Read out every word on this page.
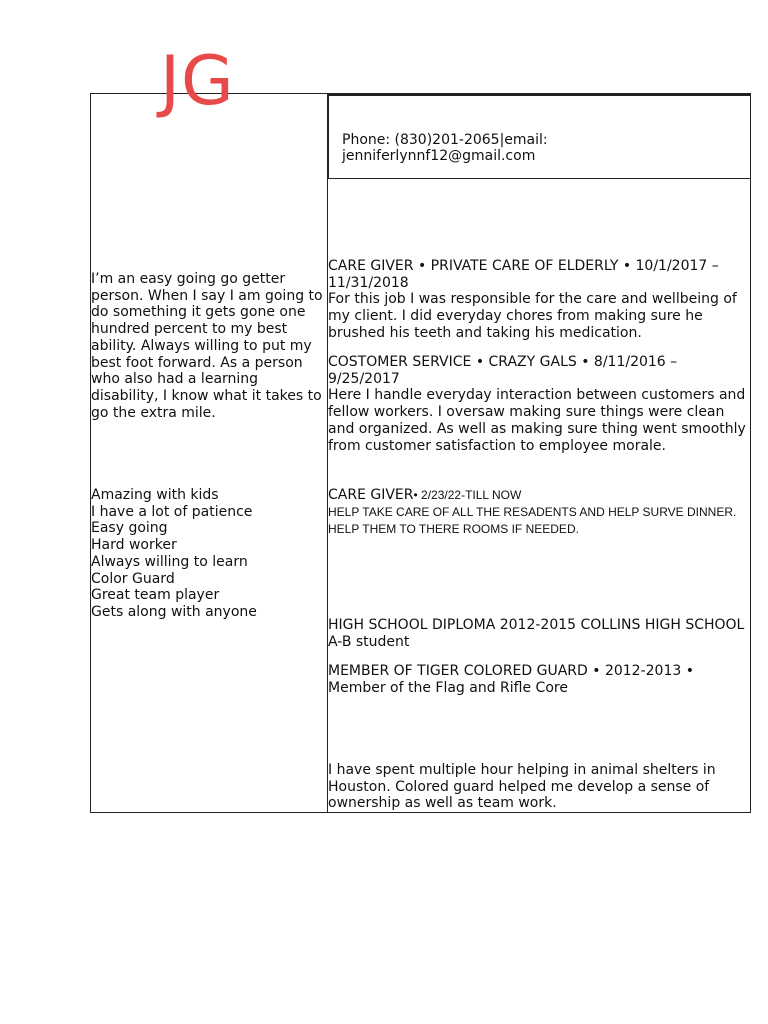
JG
Phone: (830)201-2065|email:
jenniferlynnf12@gmail.com
I’m an easy going go getter person. When I say I am going to do something it gets gone one hundred percent to my best ability. Always willing to put my best foot forward. As a person who also had a learning disability, I know what it takes to go the extra mile.
Amazing with kids
I have a lot of patience
Easy going
Hard worker
Always willing to learn
Color Guard
Great team player
Gets along with anyone
CARE GIVER • PRIVATE CARE OF ELDERLY • 10/1/2017 – 11/31/2018
For this job I was responsible for the care and wellbeing of my client. I did everyday chores from making sure he brushed his teeth and taking his medication.
COSTOMER SERVICE • CRAZY GALS • 8/11/2016 – 9/25/2017
Here I handle everyday interaction between customers and fellow workers. I oversaw making sure things were clean and organized. As well as making sure thing went smoothly from customer satisfaction to employee morale.
CARE GIVER• 2/23/22-TILL NOW
HELP TAKE CARE OF ALL THE RESADENTS AND HELP SURVE DINNER. HELP THEM TO THERE ROOMS IF NEEDED.
HIGH SCHOOL DIPLOMA 2012-2015 COLLINS HIGH SCHOOL
A-B student
MEMBER OF TIGER COLORED GUARD • 2012-2013 •
Member of the Flag and Rifle Core
I have spent multiple hour helping in animal shelters in Houston. Colored guard helped me develop a sense of ownership as well as team work.
